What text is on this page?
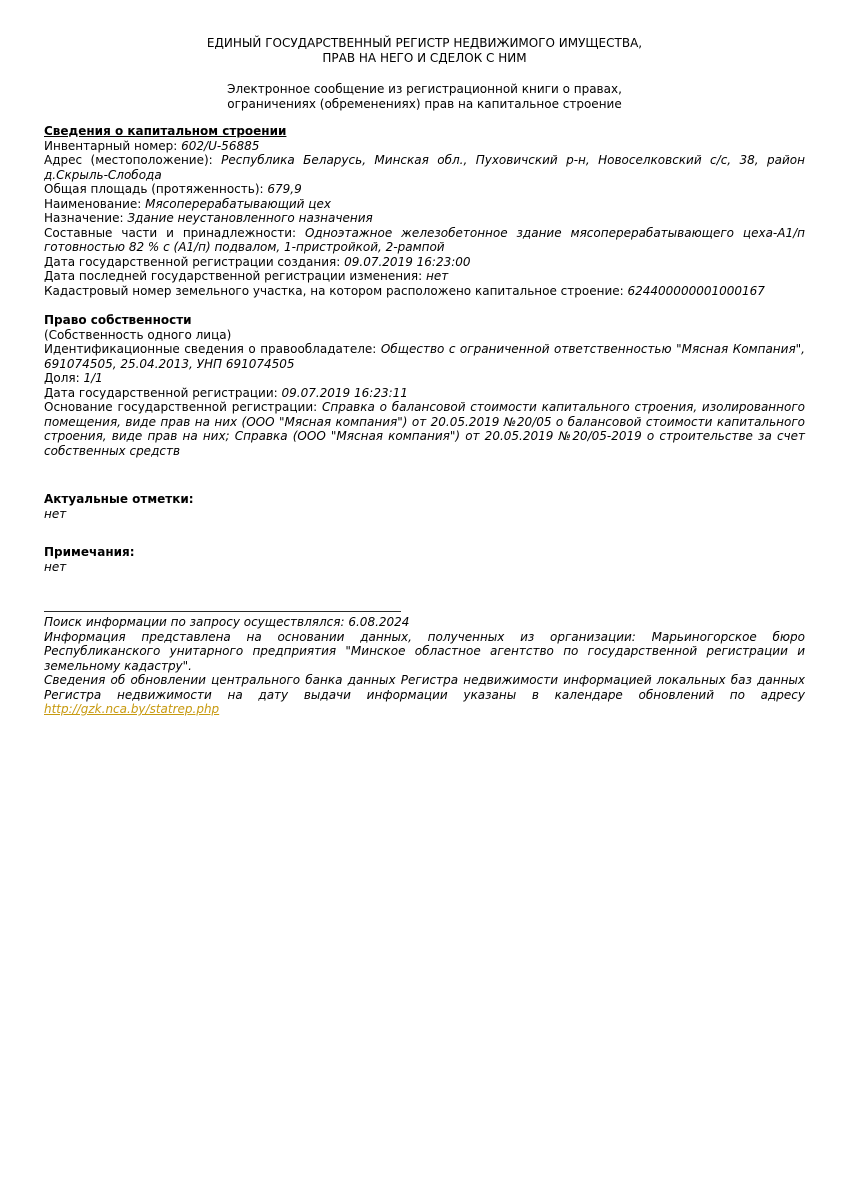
ЕДИНЫЙ ГОСУДАРСТВЕННЫЙ РЕГИСТР НЕДВИЖИМОГО ИМУЩЕСТВА,

ПРАВ НА НЕГО И СДЕЛОК С НИМ

Электронное сообщение из регистрационной книги о правах,

ограничениях (обременениях) прав на капитальное строение

Сведения о капитальном строении

Инвентарный номер: 602/U-56885

Адрес (местоположение): Республика Беларусь, Минская обл., Пуховичский р-н, Новоселковский с/с, 38, район д.Скрыль-Слобода

Общая площадь (протяженность): 679,9

Наименование: Мясоперерабатывающий цех

Назначение: Здание неустановленного назначения

Составные части и принадлежности: Одноэтажное железобетонное здание мясоперерабатывающего цеха-А1/п готовностью 82 % с (А1/п) подвалом, 1-пристройкой, 2-рампой

Дата государственной регистрации создания: 09.07.2019 16:23:00

Дата последней государственной регистрации изменения: нет

Кадастровый номер земельного участка, на котором расположено капитальное строение: 624400000001000167

Право собственности

(Собственность одного лица)

Идентификационные сведения о правообладателе: Общество с ограниченной ответственностью "Мясная Компания", 691074505, 25.04.2013, УНП 691074505

Доля: 1/1

Дата государственной регистрации: 09.07.2019 16:23:11

Основание государственной регистрации: Справка о балансовой стоимости капитального строения, изолированного помещения, виде прав на них (ООО "Мясная компания") от 20.05.2019 №20/05 о балансовой стоимости капитального строения, виде прав на них; Справка (ООО "Мясная компания") от 20.05.2019 №20/05-2019 о строительстве за счет собственных средств

Актуальные отметки:

нет

Примечания:

нет

Поиск информации по запросу осуществлялся: 6.08.2024

Информация представлена на основании данных, полученных из организации: Марьиногорское бюро Республиканского унитарного предприятия "Минское областное агентство по государственной регистрации и земельному кадастру".

Сведения об обновлении центрального банка данных Регистра недвижимости информацией локальных баз данных Регистра недвижимости на дату выдачи информации указаны в календаре обновлений по адресу http://gzk.nca.by/statrep.php
